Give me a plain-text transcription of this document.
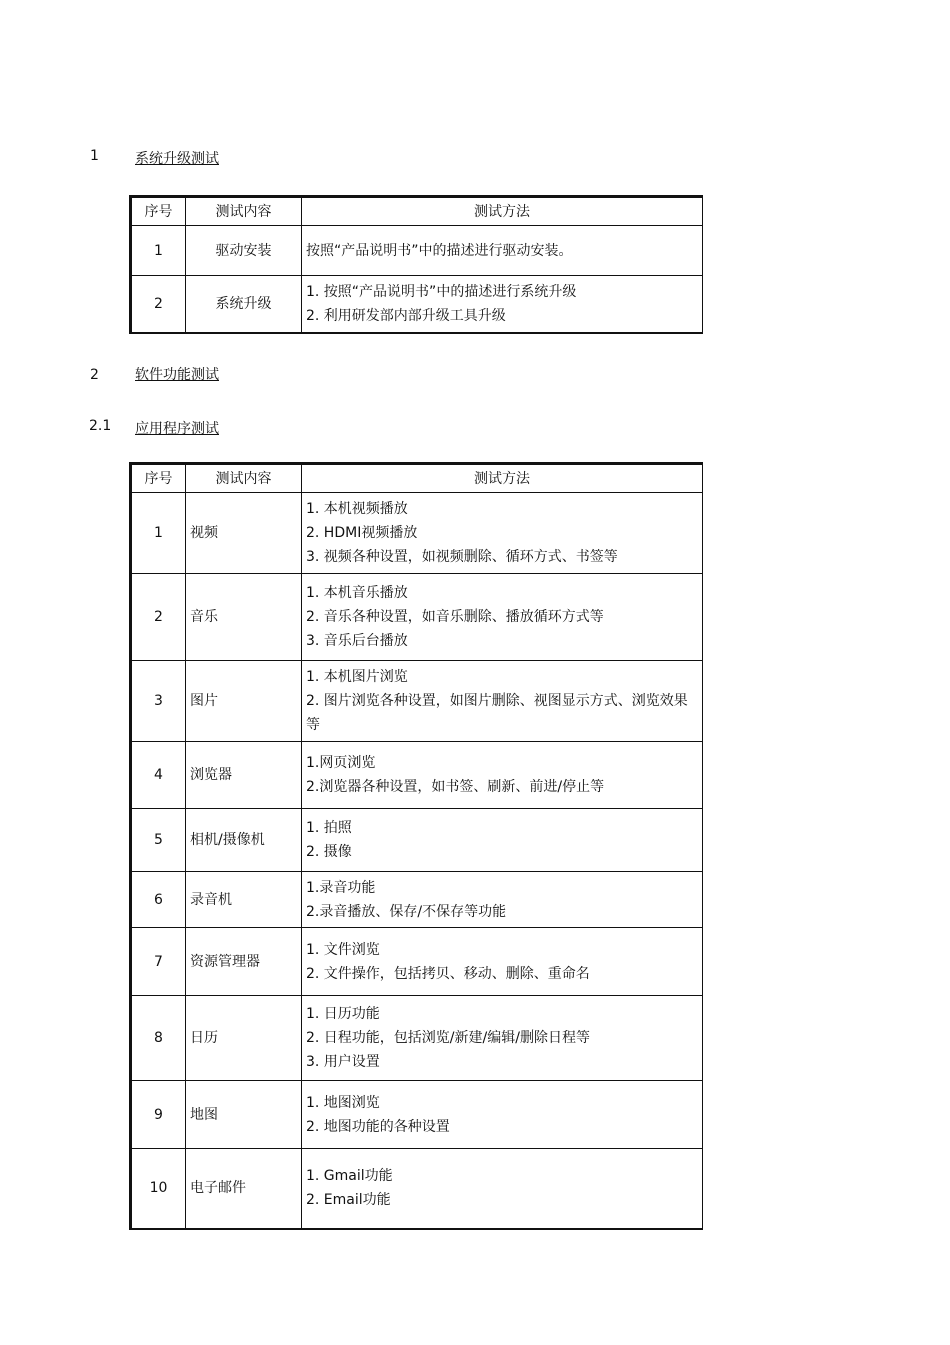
1	系统升级测试
序号	测试内容	测试方法
1	驱动安装	按照“产品说明书”中的描述进行驱动安装。

2	系统升级	1. 按照“产品说明书”中的描述进行系统升级
2. 利用研发部内部升级工具升级
2	软件功能测试
2.1 应用程序测试
序号	测试内容	测试方法
1	视频	1. 本机视频播放
2. HDMI视频播放
3. 视频各种设置，如视频删除、循环方式、书签等

2	音乐	1. 本机音乐播放
2. 音乐各种设置，如音乐删除、播放循环方式等
3. 音乐后台播放

3	图片	1. 本机图片浏览
2. 图片浏览各种设置，如图片删除、视图显示方式、浏览效果等

4	浏览器	1.网页浏览
2.浏览器各种设置，如书签、刷新、前进/停止等

5	相机/摄像机	1. 拍照
2. 摄像

6	录音机	1.录音功能
2.录音播放、保存/不保存等功能

7	资源管理器	1. 文件浏览
2. 文件操作，包括拷贝、移动、删除、重命名

8	日历	1. 日历功能
2. 日程功能，包括浏览/新建/编辑/删除日程等
3. 用户设置

9	地图	1. 地图浏览
2. 地图功能的各种设置

10	电子邮件	1. Gmail功能
2. Email功能
